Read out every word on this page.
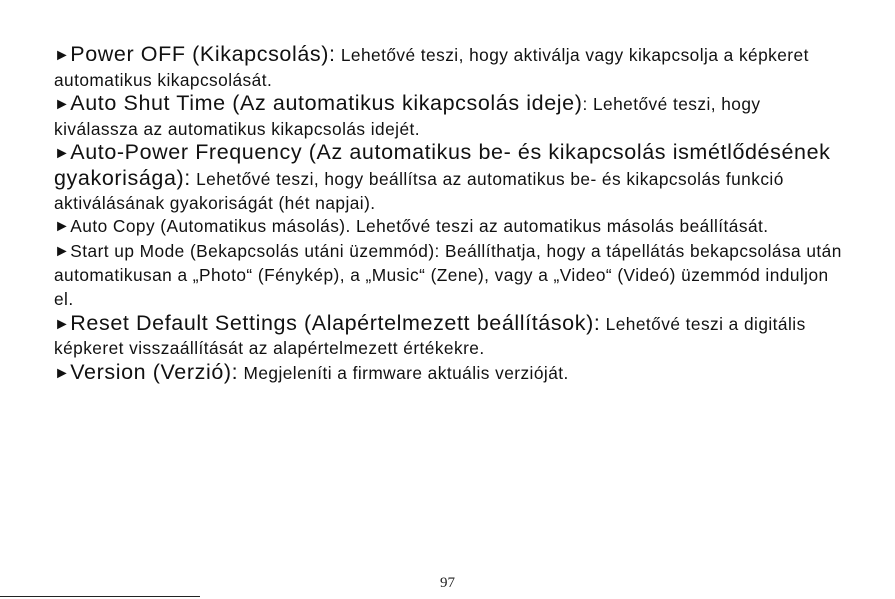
►Power OFF (Kikapcsolás): Lehetővé teszi, hogy aktiválja vagy kikapcsolja a képkeret automatikus kikapcsolását.

►Auto Shut Time (Az automatikus kikapcsolás ideje): Lehetővé teszi, hogy kiválassza az automatikus kikapcsolás idejét.

►Auto-Power Frequency (Az automatikus be- és kikapcsolás ismétlődésének gyakorisága): Lehetővé teszi, hogy beállítsa az automatikus be- és kikapcsolás funkció aktiválásának gyakoriságát (hét napjai).

►Auto Copy (Automatikus másolás). Lehetővé teszi az automatikus másolás beállítását.

►Start up Mode (Bekapcsolás utáni üzemmód): Beállíthatja, hogy a tápellátás bekapcsolása után automatikusan a „Photo“ (Fénykép), a „Music“ (Zene), vagy a „Video“ (Videó) üzemmód induljon el.

►Reset Default Settings (Alapértelmezett beállítások): Lehetővé teszi a digitális képkeret visszaállítását az alapértelmezett értékekre.

►Version (Verzió): Megjeleníti a firmware aktuális verzióját.

97
